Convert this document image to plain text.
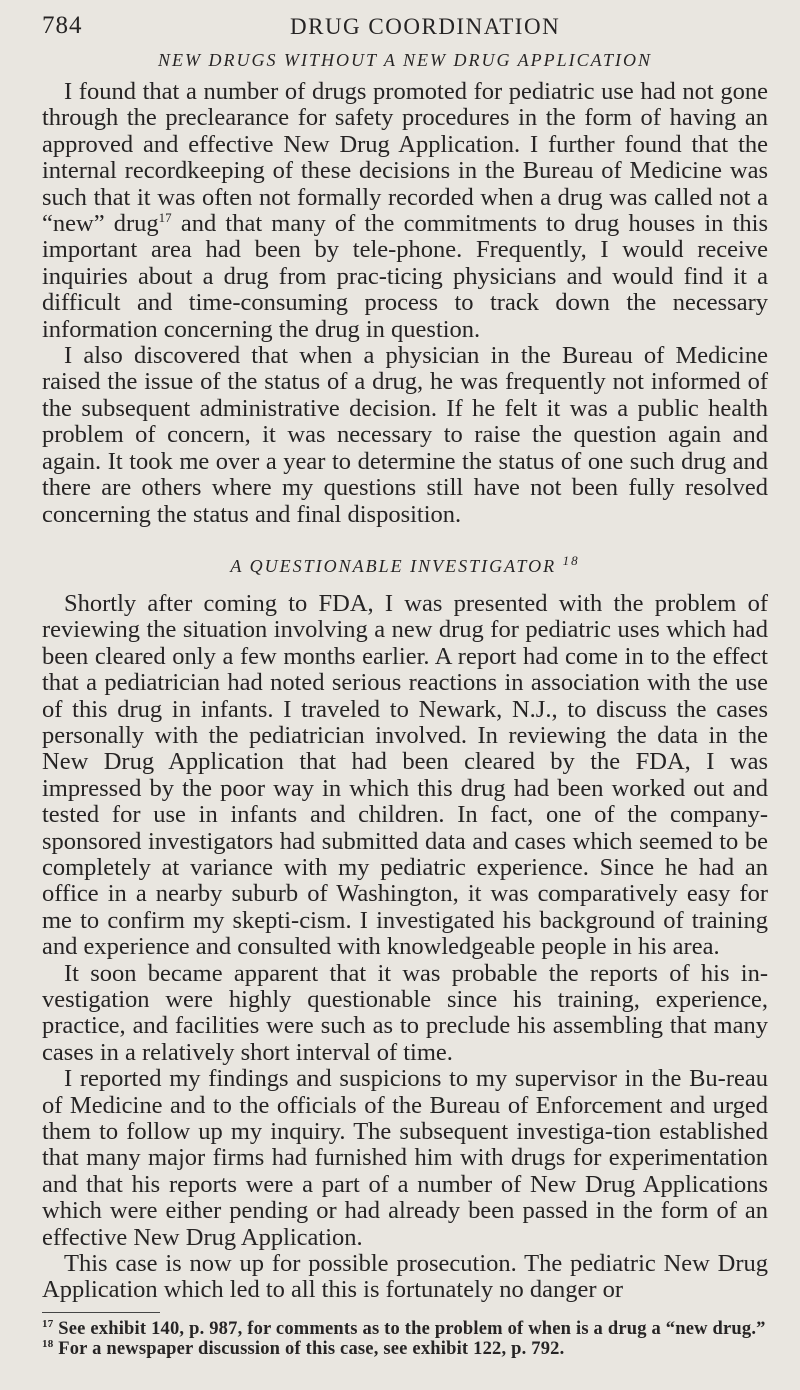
784	DRUG COORDINATION
NEW DRUGS WITHOUT A NEW DRUG APPLICATION

I found that a number of drugs promoted for pediatric use had not gone through the preclearance for safety procedures in the form of having an approved and effective New Drug Application. I further found that the internal recordkeeping of these decisions in the Bureau of Medicine was such that it was often not formally recorded when a drug was called not a “new” drug$^{17}$ and that many of the commitments to drug houses in this important area had been by tele-phone. Frequently, I would receive inquiries about a drug from prac-ticing physicians and would find it a difficult and time-consuming process to track down the necessary information concerning the drug in question.

I also discovered that when a physician in the Bureau of Medicine raised the issue of the status of a drug, he was frequently not informed of the subsequent administrative decision. If he felt it was a public health problem of concern, it was necessary to raise the question again and again. It took me over a year to determine the status of one such drug and there are others where my questions still have not been fully resolved concerning the status and final disposition.

A QUESTIONABLE INVESTIGATOR $^{18}$

Shortly after coming to FDA, I was presented with the problem of reviewing the situation involving a new drug for pediatric uses which had been cleared only a few months earlier. A report had come in to the effect that a pediatrician had noted serious reactions in association with the use of this drug in infants. I traveled to Newark, N.J., to discuss the cases personally with the pediatrician involved. In reviewing the data in the New Drug Application that had been cleared by the FDA, I was impressed by the poor way in which this drug had been worked out and tested for use in infants and children. In fact, one of the company-sponsored investigators had submitted data and cases which seemed to be completely at variance with my pediatric experience. Since he had an office in a nearby suburb of Washington, it was comparatively easy for me to confirm my skepti-cism. I investigated his background of training and experience and consulted with knowledgeable people in his area.

It soon became apparent that it was probable the reports of his in-vestigation were highly questionable since his training, experience, practice, and facilities were such as to preclude his assembling that many cases in a relatively short interval of time.

I reported my findings and suspicions to my supervisor in the Bu-reau of Medicine and to the officials of the Bureau of Enforcement and urged them to follow up my inquiry. The subsequent investiga-tion established that many major firms had furnished him with drugs for experimentation and that his reports were a part of a number of New Drug Applications which were either pending or had already been passed in the form of an effective New Drug Application.

This case is now up for possible prosecution. The pediatric New Drug Application which led to all this is fortunately no danger or

$^{17}$ See exhibit 140, p. 987, for comments as to the problem of when is a drug a “new drug.”

$^{18}$ For a newspaper discussion of this case, see exhibit 122, p. 792.
